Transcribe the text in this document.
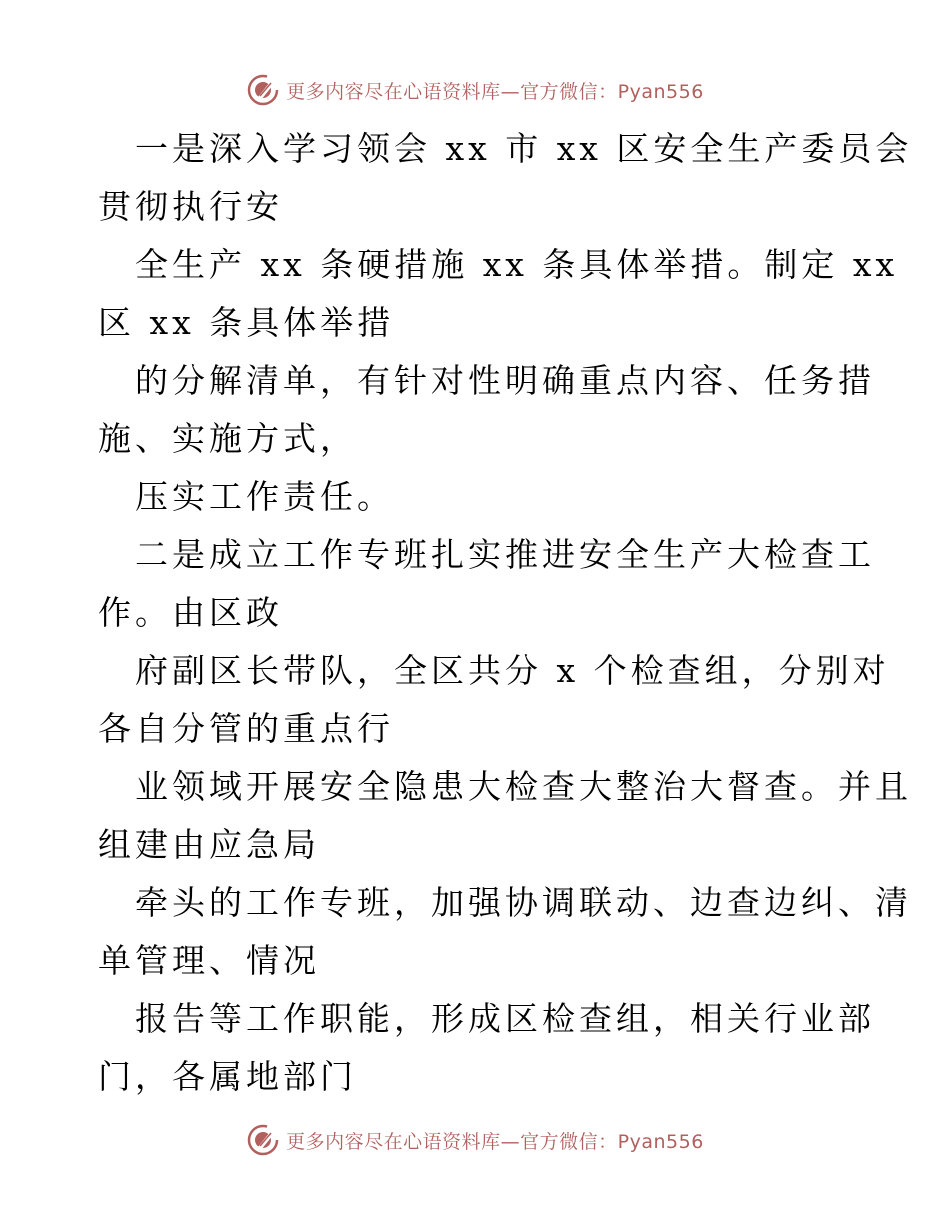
更多内容尽在心语资料库—官方微信：Pyan556
一是深入学习领会 xx 市 xx 区安全生产委员会
贯彻执行安
全生产 xx 条硬措施 xx 条具体举措。制定 xx
区 xx 条具体举措
的分解清单，有针对性明确重点内容、任务措
施、实施方式，
压实工作责任。
二是成立工作专班扎实推进安全生产大检查工
作。由区政
府副区长带队，全区共分 x 个检查组，分别对
各自分管的重点行
业领域开展安全隐患大检查大整治大督查。并且
组建由应急局
牵头的工作专班，加强协调联动、边查边纠、清
单管理、情况
报告等工作职能，形成区检查组，相关行业部
门，各属地部门
更多内容尽在心语资料库—官方微信：Pyan556
